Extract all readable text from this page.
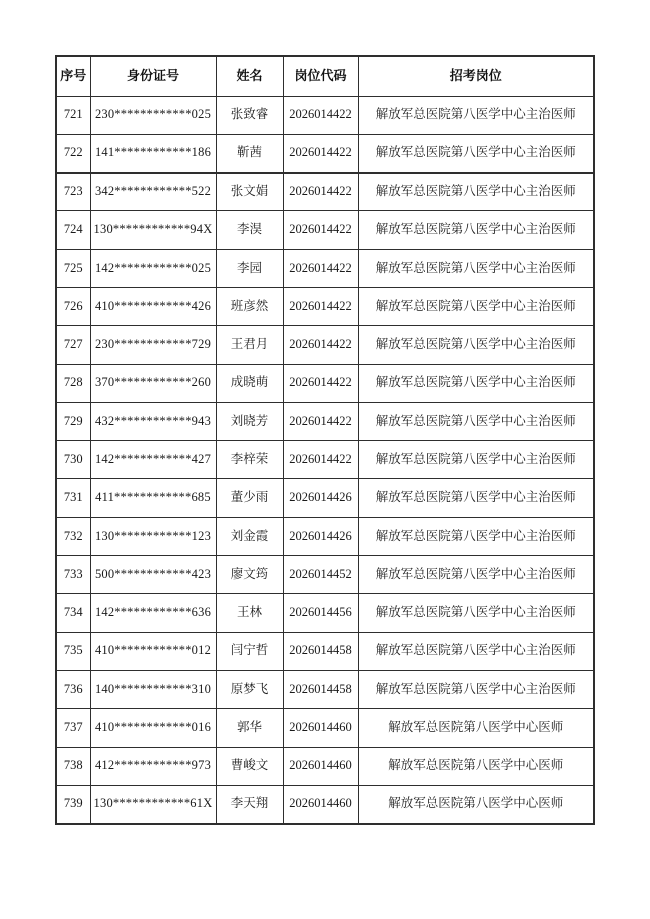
序号	身份证号	姓名	岗位代码	招考岗位
721	230************025	张致睿	2026014422	解放军总医院第八医学中心主治医师
722	141************186	靳茜	2026014422	解放军总医院第八医学中心主治医师
723	342************522	张文娟	2026014422	解放军总医院第八医学中心主治医师
724	130************94X	李淏	2026014422	解放军总医院第八医学中心主治医师
725	142************025	李园	2026014422	解放军总医院第八医学中心主治医师
726	410************426	班彦然	2026014422	解放军总医院第八医学中心主治医师
727	230************729	王君月	2026014422	解放军总医院第八医学中心主治医师
728	370************260	成晓萌	2026014422	解放军总医院第八医学中心主治医师
729	432************943	刘晓芳	2026014422	解放军总医院第八医学中心主治医师
730	142************427	李梓荣	2026014422	解放军总医院第八医学中心主治医师
731	411************685	董少雨	2026014426	解放军总医院第八医学中心主治医师
732	130************123	刘金霞	2026014426	解放军总医院第八医学中心主治医师
733	500************423	廖文筠	2026014452	解放军总医院第八医学中心主治医师
734	142************636	王林	2026014456	解放军总医院第八医学中心主治医师
735	410************012	闫宁哲	2026014458	解放军总医院第八医学中心主治医师
736	140************310	原梦飞	2026014458	解放军总医院第八医学中心主治医师
737	410************016	郭华	2026014460	解放军总医院第八医学中心医师
738	412************973	曹峻文	2026014460	解放军总医院第八医学中心医师
739	130************61X	李天翔	2026014460	解放军总医院第八医学中心医师
